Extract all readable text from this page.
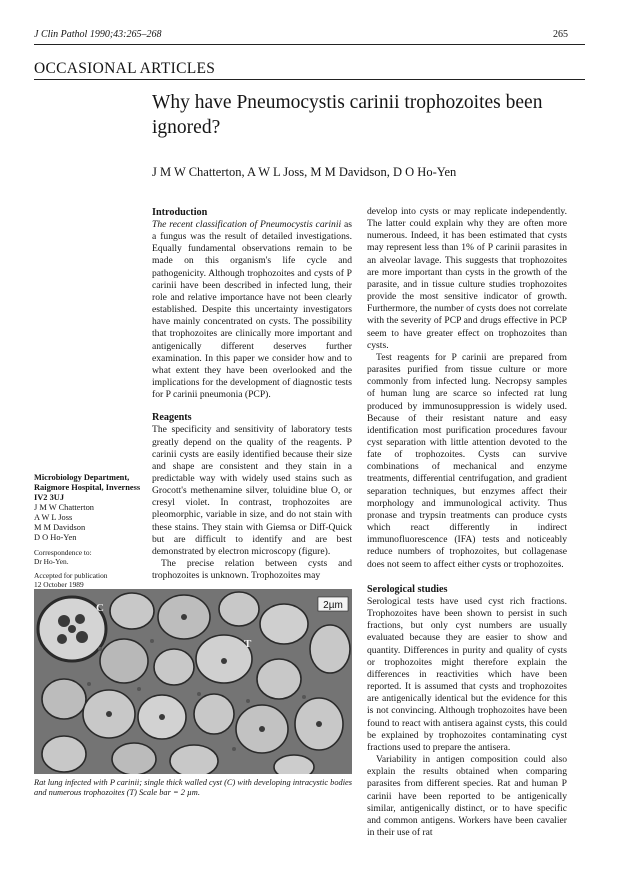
J Clin Pathol 1990;43:265–268	265
OCCASIONAL ARTICLES
Why have Pneumocystis carinii trophozoites been ignored?
J M W Chatterton, A W L Joss, M M Davidson, D O Ho-Yen
Introduction

The recent classification of Pneumocystis carinii as a fungus was the result of detailed investigations. Equally fundamental observations remain to be made on this organism's life cycle and pathogenicity. Although trophozoites and cysts of P carinii have been described in infected lung, their role and relative importance have not been clearly established. Despite this uncertainty investigators have mainly concentrated on cysts. The possibility that trophozoites are clinically more important and antigenically different deserves further examination. In this paper we consider how and to what extent they have been overlooked and the implications for the development of diagnostic tests for P carinii pneumonia (PCP).

Reagents

The specificity and sensitivity of laboratory tests greatly depend on the quality of the reagents. P carinii cysts are easily identified because their size and shape are consistent and they stain in a predictable way with widely used stains such as Grocott's methenamine silver, toluidine blue O, or cresyl violet. In contrast, trophozoites are pleomorphic, variable in size, and do not stain with these stains. They stain with Giemsa or Diff-Quick but are difficult to identify and are best demonstrated by electron microscopy (figure).

The precise relation between cysts and trophozoites is unknown. Trophozoites may

develop into cysts or may replicate independently. The latter could explain why they are often more numerous. Indeed, it has been estimated that cysts may represent less than 1% of P carinii parasites in an alveolar lavage. This suggests that trophozoites are more important than cysts in the growth of the parasite, and in tissue culture studies trophozoites provide the most sensitive indicator of growth. Furthermore, the number of cysts does not correlate with the severity of PCP and drugs effective in PCP seem to have greater effect on trophozoites than cysts.

Test reagents for P carinii are prepared from parasites purified from tissue culture or more commonly from infected lung. Necropsy samples of human lung are scarce so infected rat lung produced by immunosuppression is widely used. Because of their resistant nature and easy identification most purification procedures favour cyst separation with little attention devoted to the fate of trophozoites. Cysts can survive combinations of mechanical and enzyme treatments, differential centrifugation, and gradient separation techniques, but enzymes affect their morphology and immunological activity. Thus pronase and trypsin treatments can produce cysts which react differently in indirect immunofluorescence (IFA) tests and noticeably reduce numbers of trophozoites, but collagenase does not seem to affect either cysts or trophozoites.

Serological studies

Serological tests have used cyst rich fractions. Trophozoites have been shown to persist in such fractions, but only cyst numbers are usually evaluated because they are easier to show and quantity. Differences in purity and quality of cysts or trophozoites might therefore explain the differences in reactivities which have been reported. It is assumed that cysts and trophozoites are antigenically identical but the evidence for this is not convincing. Although trophozoites have been found to react with antisera against cysts, this could be explained by trophozoites contaminating cyst fractions used to prepare the antisera.

Variability in antigen composition could also explain the results obtained when comparing parasites from different species. Rat and human P carinii have been reported to be antigenically similar, antigenically distinct, or to have specific and common antigens. Workers have been cavalier in their use of rat

Microbiology Department, Raigmore Hospital, Inverness IV2 3UJ
J M W Chatterton
A W L Joss
M M Davidson
D O Ho-Yen
Correspondence to:
Dr Ho-Yen.
Accepted for publication
12 October 1989
2µm
C
T
Rat lung infected with P carinii; single thick walled cyst (C) with developing intracystic bodies and numerous trophozoites (T) Scale bar = 2 µm.
